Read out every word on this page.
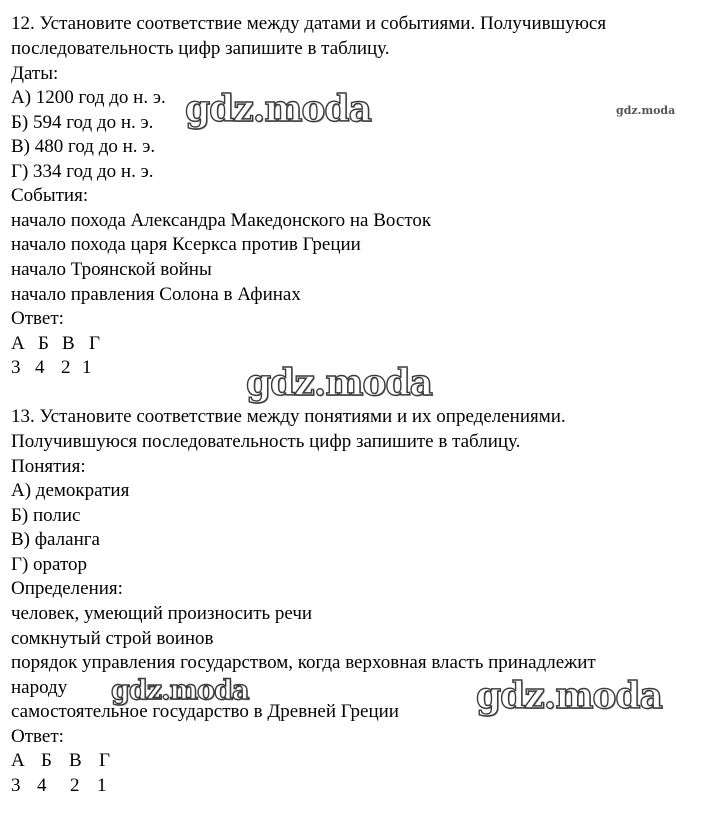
12. Установите соответствие между датами и событиями. Получившуюся
последовательность цифр запишите в таблицу.
Даты:
А) 1200 год до н. э.
Б) 594 год до н. э.
В) 480 год до н. э.
Г) 334 год до н. э.
События:
начало похода Александра Македонского на Восток
начало похода царя Ксеркса против Греции
начало Троянской войны
начало правления Солона в Афинах
Ответ:
А Б В Г
3 4 2 1
13. Установите соответствие между понятиями и их определениями.
Получившуюся последовательность цифр запишите в таблицу.
Понятия:
А) демократия
Б) полис
В) фаланга
Г) оратор
Определения:
человек, умеющий произносить речи
сомкнутый строй воинов
порядок управления государством, когда верховная власть принадлежит
народу
самостоятельное государство в Древней Греции
Ответ:
А Б В Г
3 4 2 1
gdz.moda	gdz.moda
gdz.moda
gdz.moda	gdz.moda
